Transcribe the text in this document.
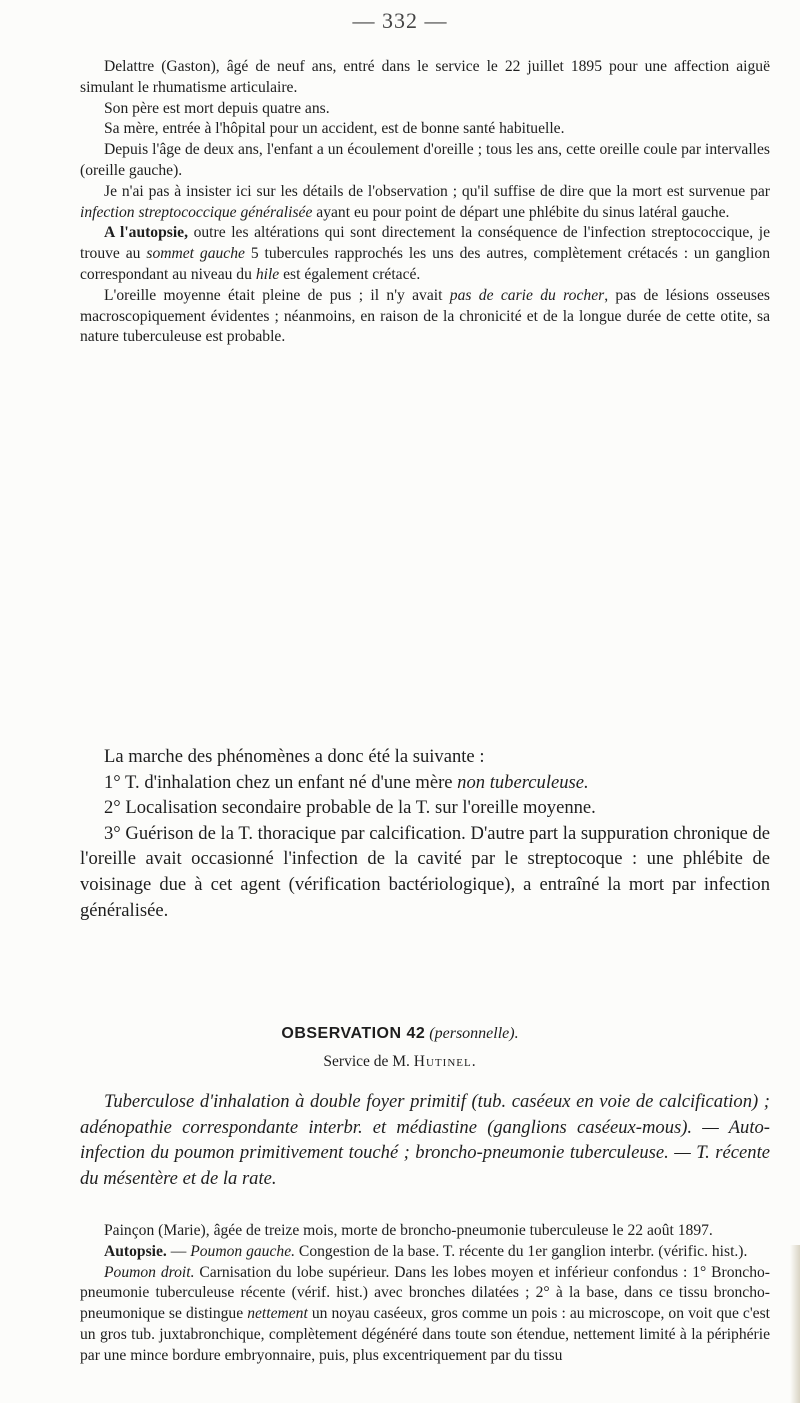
— 332 —

Delattre (Gaston), âgé de neuf ans, entré dans le service le 22 juillet 1895 pour une affection aiguë simulant le rhumatisme articulaire.

Son père est mort depuis quatre ans.

Sa mère, entrée à l'hôpital pour un accident, est de bonne santé habituelle.

Depuis l'âge de deux ans, l'enfant a un écoulement d'oreille ; tous les ans, cette oreille coule par intervalles (oreille gauche).

Je n'ai pas à insister ici sur les détails de l'observation ; qu'il suffise de dire que la mort est survenue par infection streptococcique généralisée ayant eu pour point de départ une phlébite du sinus latéral gauche.

A l'autopsie, outre les altérations qui sont directement la conséquence de l'infection streptococcique, je trouve au sommet gauche 5 tubercules rapprochés les uns des autres, complètement crétacés : un ganglion correspondant au niveau du hile est également crétacé.

L'oreille moyenne était pleine de pus ; il n'y avait pas de carie du rocher, pas de lésions osseuses macroscopiquement évidentes ; néanmoins, en raison de la chronicité et de la longue durée de cette otite, sa nature tuberculeuse est probable.

La marche des phénomènes a donc été la suivante :

1° T. d'inhalation chez un enfant né d'une mère non tuberculeuse.

2° Localisation secondaire probable de la T. sur l'oreille moyenne.

3° Guérison de la T. thoracique par calcification. D'autre part la suppuration chronique de l'oreille avait occasionné l'infection de la cavité par le streptocoque : une phlébite de voisinage due à cet agent (vérification bactériologique), a entraîné la mort par infection généralisée.

OBSERVATION 42 (personnelle).
Service de M. Hutinel.

Tuberculose d'inhalation à double foyer primitif (tub. caséeux en voie de calcification) ; adénopathie correspondante interbr. et médiastine (ganglions caséeux-mous). — Auto-infection du poumon primitivement touché ; broncho-pneumonie tuberculeuse. — T. récente du mésentère et de la rate.

Painçon (Marie), âgée de treize mois, morte de broncho-pneumonie tuberculeuse le 22 août 1897.

Autopsie. — Poumon gauche. Congestion de la base. T. récente du 1er ganglion interbr. (vérific. hist.).

Poumon droit. Carnisation du lobe supérieur. Dans les lobes moyen et inférieur confondus : 1° Broncho-pneumonie tuberculeuse récente (vérif. hist.) avec bronches dilatées ; 2° à la base, dans ce tissu broncho-pneumonique se distingue nettement un noyau caséeux, gros comme un pois : au microscope, on voit que c'est un gros tub. juxtabronchique, complètement dégénéré dans toute son étendue, nettement limité à la périphérie par une mince bordure embryonnaire, puis, plus excentriquement par du tissu
